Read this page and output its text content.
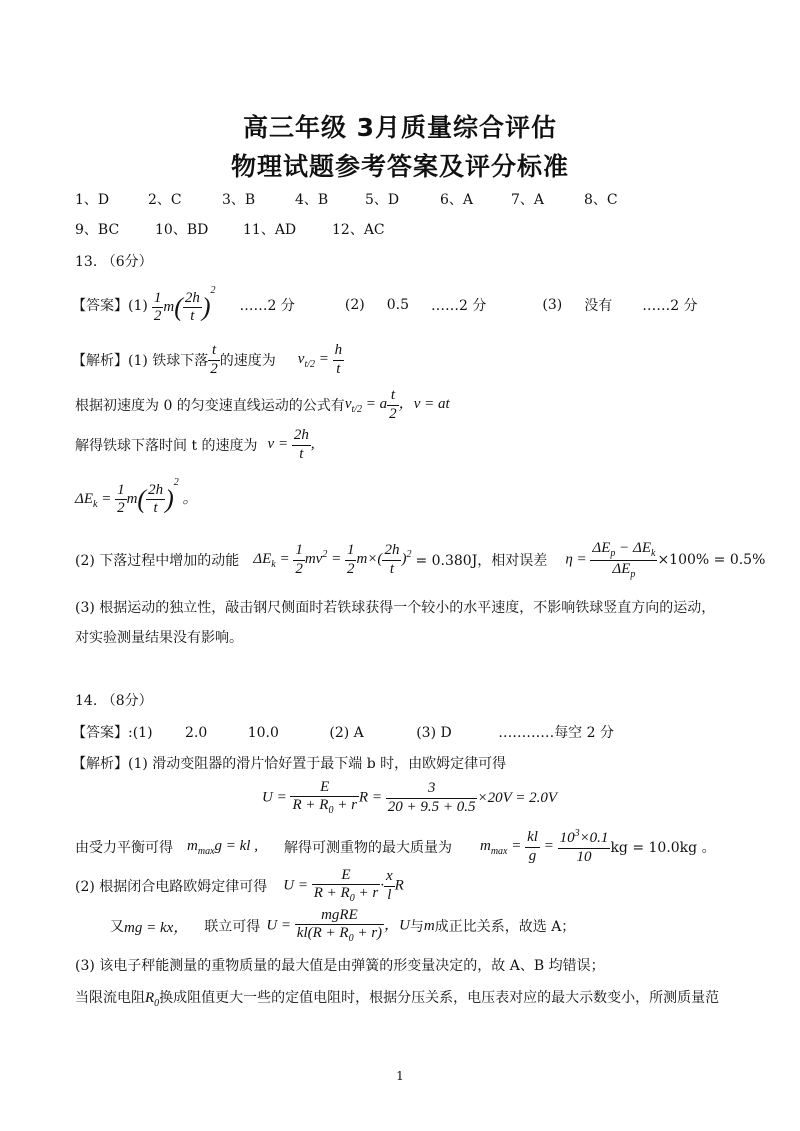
高三年级 3月质量综合评估
物理试题参考答案及评分标准
1、D	2、C	3、B	4、B	5、D	6、A	7、A	8、C
9、BC	10、BD 11、AD	12、AC
13. （6分）
【答案】$(1) \frac{1}{2} m( \frac{2h}{t} )^2$
……2 分	(2) 0.5 ……2 分	(3) 没有 ……2 分
【解析】(1) 铁球下落 $\frac{t}{2}$ 的速度为 $v_{t/2} = \frac{h}{t}$
根据初速度为 0 的匀变速直线运动的公式有 $v_{t/2} = a \frac{t}{2}$ ，v = at
解得铁球下落时间 t 的速度为 $v = \frac{2h}{t}$ ,
$\Delta E_k = \frac{1}{2} m( \frac{2h}{t} )^2$ 。
(2) 下落过程中增加的动能 $\Delta E_k = \frac{1}{2} mv^2 = \frac{1}{2} m\times( \frac{2h}{t} )^2 = 0.380J$，相对误差 $\eta = \frac{\Delta E_p - \Delta E_k}{\Delta E_p} \times 100\% = 0.5\%$
(3) 根据运动的独立性，敲击钢尺侧面时若铁球获得一个较小的水平速度，不影响铁球竖直方向的运动，
对实验测量结果没有影响。
14. （8分）
【答案】:(1) 2.0	10.0	(2) A	(3) D	…………每空 2 分
【解析】(1) 滑动变阻器的滑片恰好置于最下端 b 时，由欧姆定律可得
$U = \frac{E}{R + R_0 + r}$ $R = \frac{3}{20 + 9.5 + 0.5} \times 20V = 2.0V$
由受力平衡可得 $m_{max}g$ = kl , 解得可测重物的最大质量为 $m_{max} = \frac{kl}{g} = \frac{10^3\times 0.1}{10}$ kg = 10.0kg 。
(2) 根据闭合电路欧姆定律可得 $U = \frac{E}{R + R_0 + r} \cdot \frac{x}{l}$ R
又 mg = kx， 联立可得 $U = \frac{\text{mgRE}}{kl(R + R_0 + r)}$ ，U 与 m 成正比关系，故选 A；
(3) 该电子秤能测量的重物质量的最大值是由弹簧的形变量决定的，故 A、B 均错误；
当限流电阻$R_0$换成阻值更大一些的定值电阻时，根据分压关系，电压表对应的最大示数变小，所测质量范
1
